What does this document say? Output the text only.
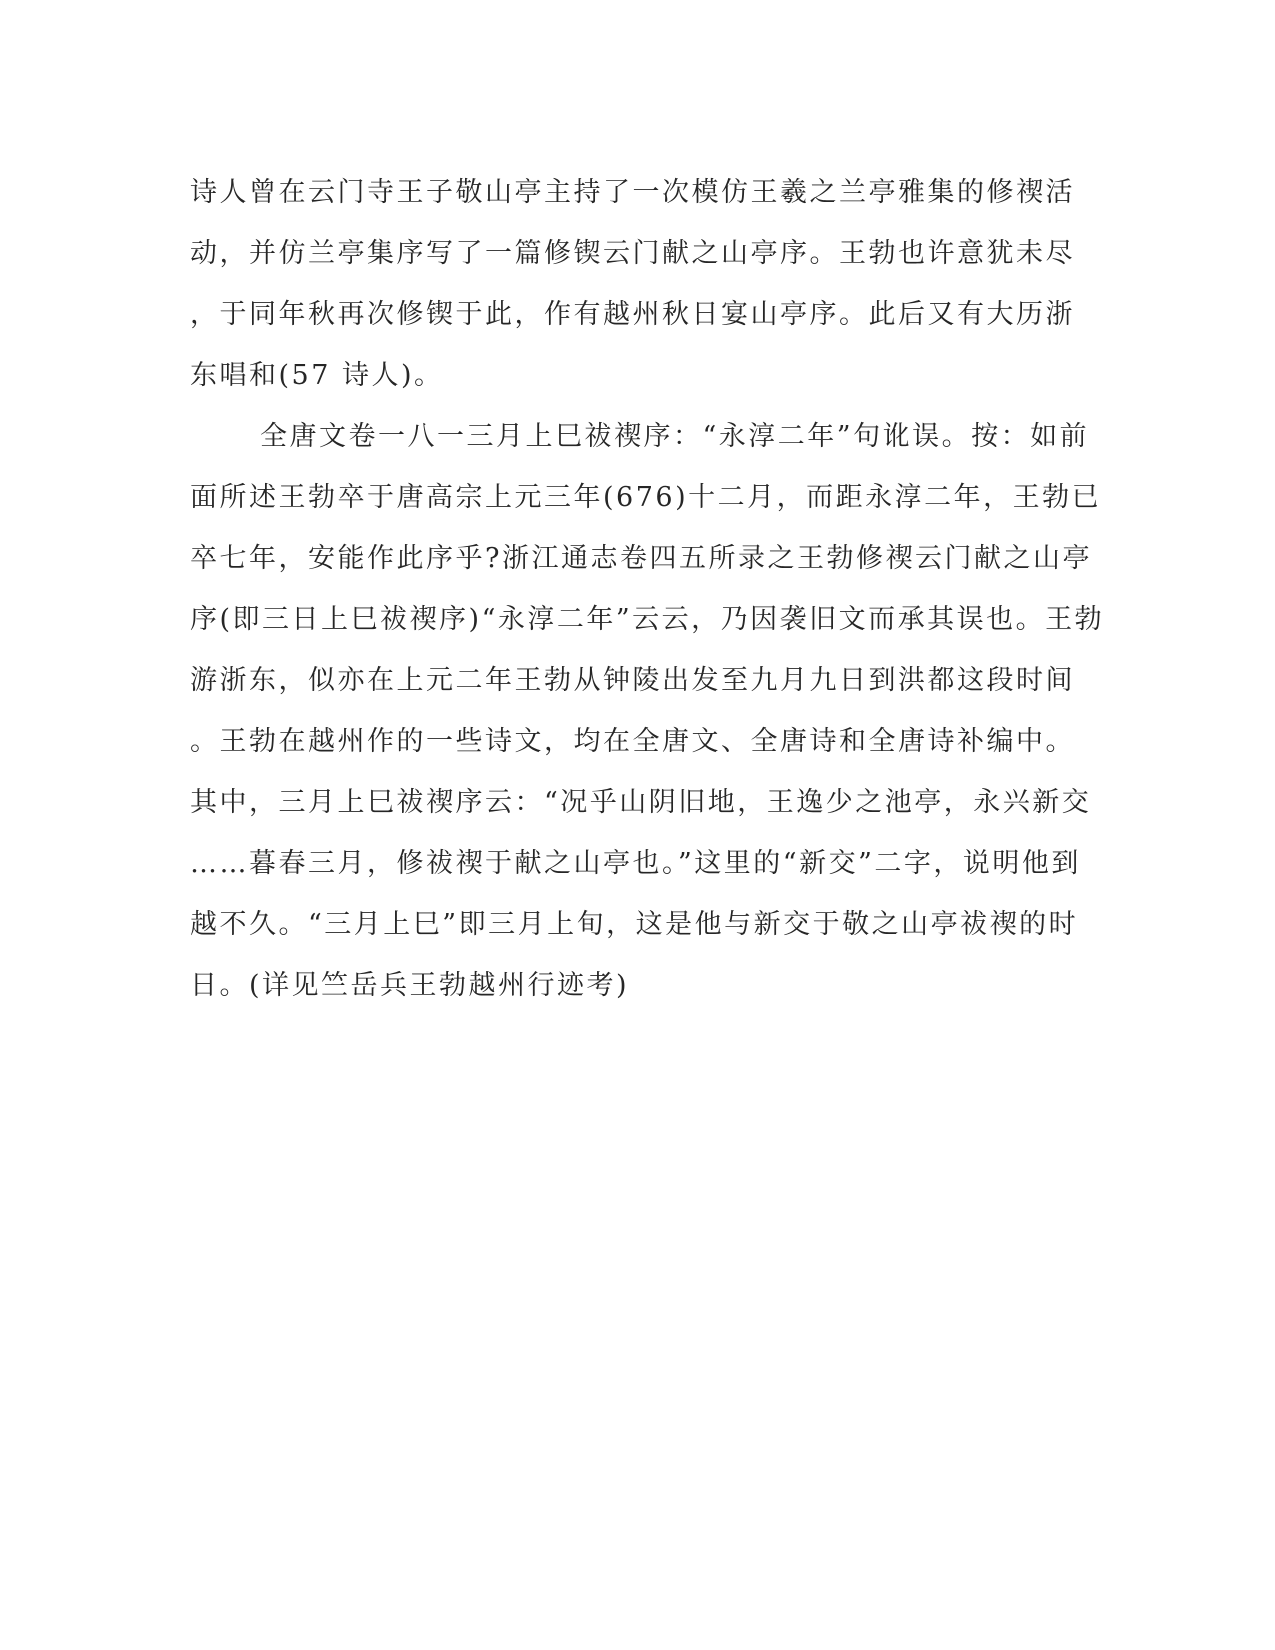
诗人曾在云门寺王子敬山亭主持了一次模仿王羲之兰亭雅集的修禊活
动，并仿兰亭集序写了一篇修锲云门献之山亭序。王勃也许意犹未尽
，于同年秋再次修锲于此，作有越州秋日宴山亭序。此后又有大历浙
东唱和(57 诗人)。
全唐文卷一八一三月上巳祓禊序：“永淳二年”句讹误。按：如前
面所述王勃卒于唐高宗上元三年(676)十二月，而距永淳二年，王勃已
卒七年，安能作此序乎?浙江通志卷四五所录之王勃修禊云门献之山亭
序(即三日上巳祓禊序)“永淳二年”云云，乃因袭旧文而承其误也。王勃
游浙东，似亦在上元二年王勃从钟陵出发至九月九日到洪都这段时间
。王勃在越州作的一些诗文，均在全唐文、全唐诗和全唐诗补编中。
其中，三月上巳祓禊序云：“况乎山阴旧地，王逸少之池亭，永兴新交
……暮春三月，修祓禊于献之山亭也。”这里的“新交”二字，说明他到
越不久。“三月上巳”即三月上旬，这是他与新交于敬之山亭祓禊的时
日。(详见竺岳兵王勃越州行迹考)
